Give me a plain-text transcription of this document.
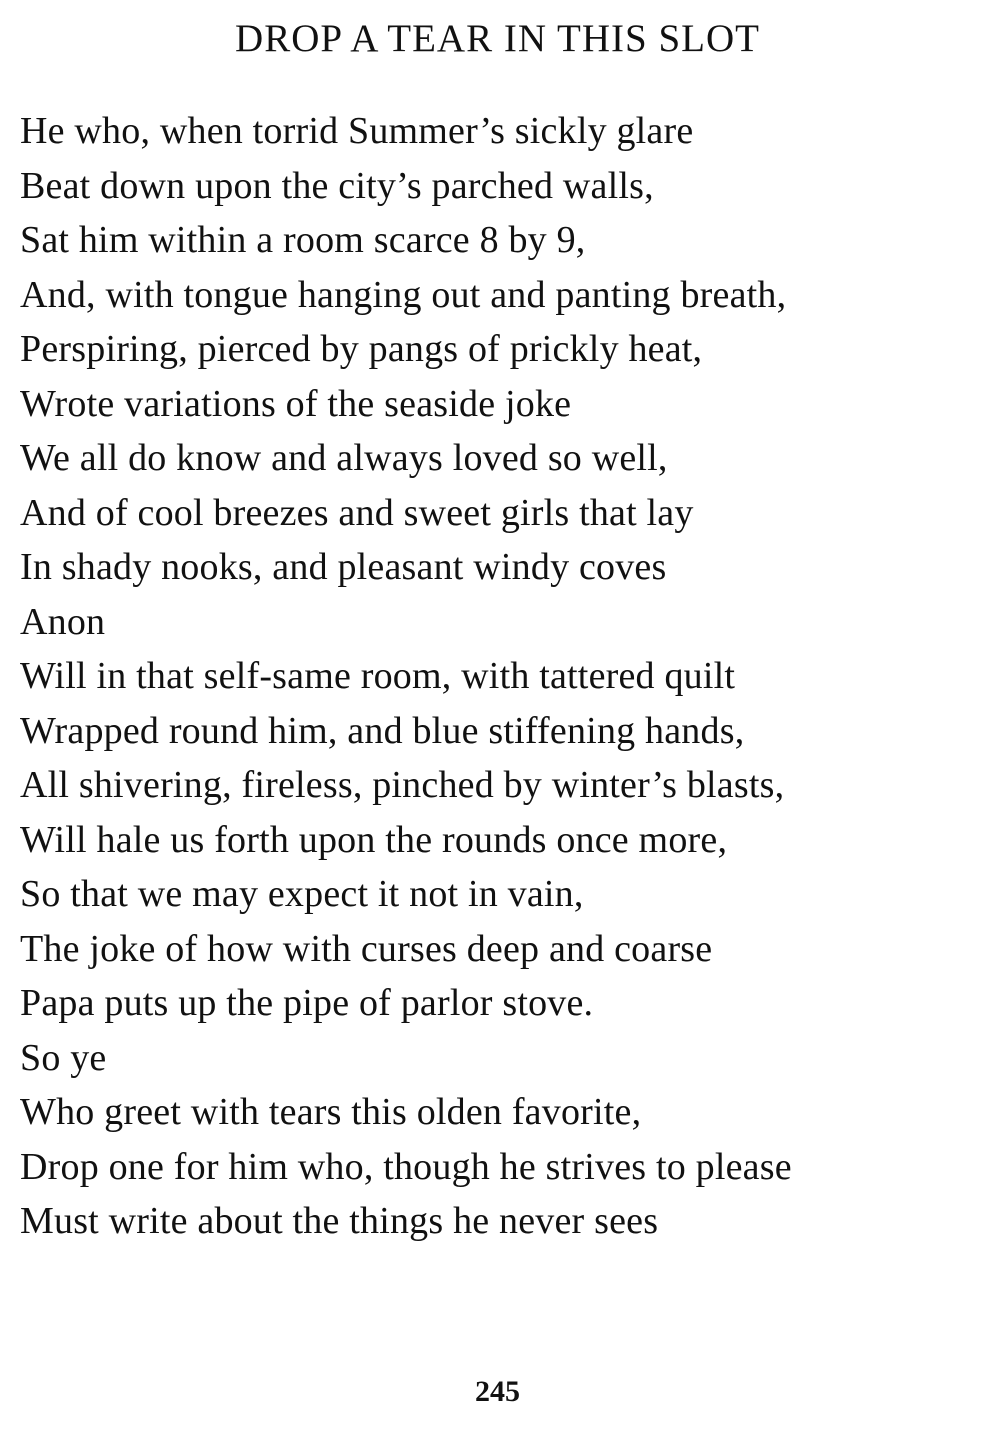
DROP A TEAR IN THIS SLOT
He who, when torrid Summer’s sickly glare
Beat down upon the city’s parched walls,
Sat him within a room scarce 8 by 9,
And, with tongue hanging out and panting breath,
Perspiring, pierced by pangs of prickly heat,
Wrote variations of the seaside joke
We all do know and always loved so well,
And of cool breezes and sweet girls that lay
In shady nooks, and pleasant windy coves
Anon
Will in that self-same room, with tattered quilt
Wrapped round him, and blue stiffening hands,
All shivering, fireless, pinched by winter’s blasts,
Will hale us forth upon the rounds once more,
So that we may expect it not in vain,
The joke of how with curses deep and coarse
Papa puts up the pipe of parlor stove.
So ye
Who greet with tears this olden favorite,
Drop one for him who, though he strives to please
Must write about the things he never sees
245
